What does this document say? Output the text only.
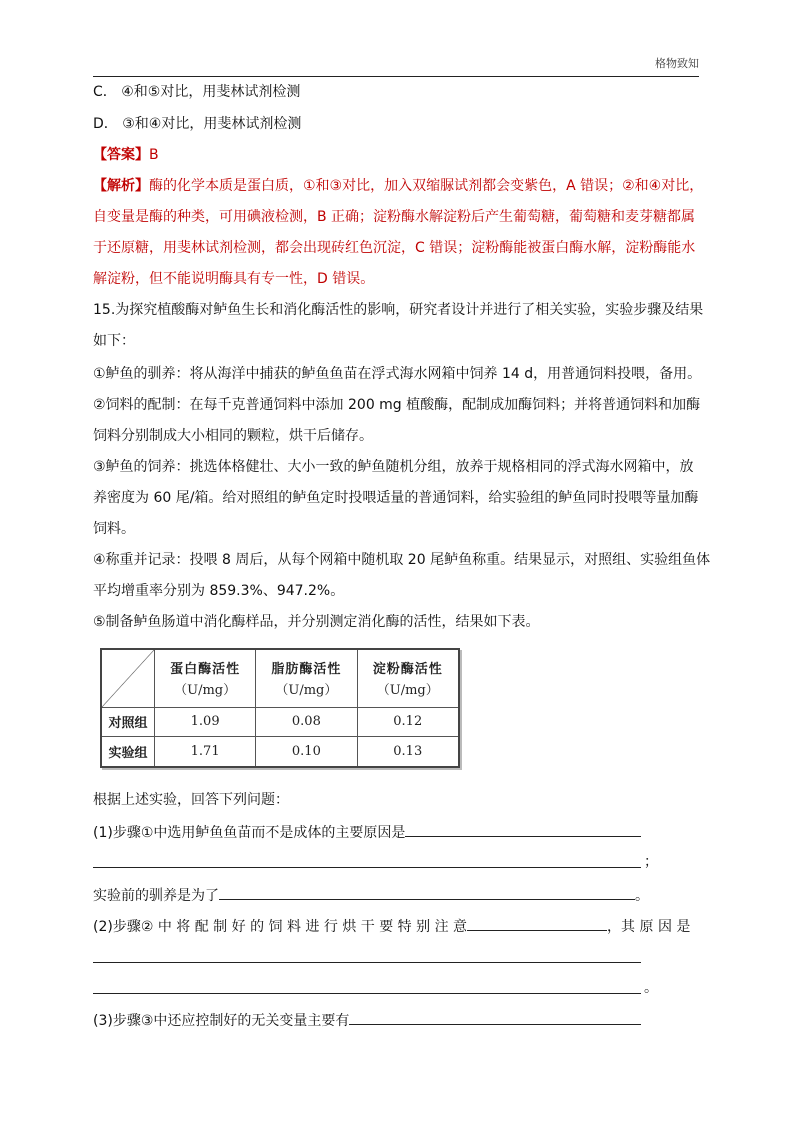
格物致知
C． ④和⑤对比，用斐林试剂检测
D． ③和④对比，用斐林试剂检测
【答案】B
【解析】酶的化学本质是蛋白质，①和③对比，加入双缩脲试剂都会变紫色，A 错误；②和④对比，
自变量是酶的种类，可用碘液检测，B 正确；淀粉酶水解淀粉后产生葡萄糖，葡萄糖和麦芽糖都属
于还原糖，用斐林试剂检测，都会出现砖红色沉淀，C 错误；淀粉酶能被蛋白酶水解，淀粉酶能水
解淀粉，但不能说明酶具有专一性，D 错误。
15.为探究植酸酶对鲈鱼生长和消化酶活性的影响，研究者设计并进行了相关实验，实验步骤及结果
如下：
①鲈鱼的驯养：将从海洋中捕获的鲈鱼鱼苗在浮式海水网箱中饲养 14 d，用普通饲料投喂，备用。
②饲料的配制：在每千克普通饲料中添加 200 mg 植酸酶，配制成加酶饲料；并将普通饲料和加酶
饲料分别制成大小相同的颗粒，烘干后储存。
③鲈鱼的饲养：挑选体格健壮、大小一致的鲈鱼随机分组，放养于规格相同的浮式海水网箱中，放
养密度为 60 尾/箱。给对照组的鲈鱼定时投喂适量的普通饲料，给实验组的鲈鱼同时投喂等量加酶
饲料。
④称重并记录：投喂 8 周后，从每个网箱中随机取 20 尾鲈鱼称重。结果显示，对照组、实验组鱼体
平均增重率分别为 859.3%、947.2%。
⑤制备鲈鱼肠道中消化酶样品，并分别测定消化酶的活性，结果如下表。

	蛋白酶活性
（U/mg）	脂肪酶活性
（U/mg）	淀粉酶活性
（U/mg）

对照组	1.09	0.08	0.12
实验组	1.71	0.10	0.13
根据上述实验，回答下列问题：
(1)步骤①中选用鲈鱼鱼苗而不是成体的主要原因是
；
实验前的驯养是为了	。
(2)步骤② 中 将 配 制 好 的 饲 料 进 行 烘 干 要 特 别 注 意	，其 原 因 是
。
(3)步骤③中还应控制好的无关变量主要有
